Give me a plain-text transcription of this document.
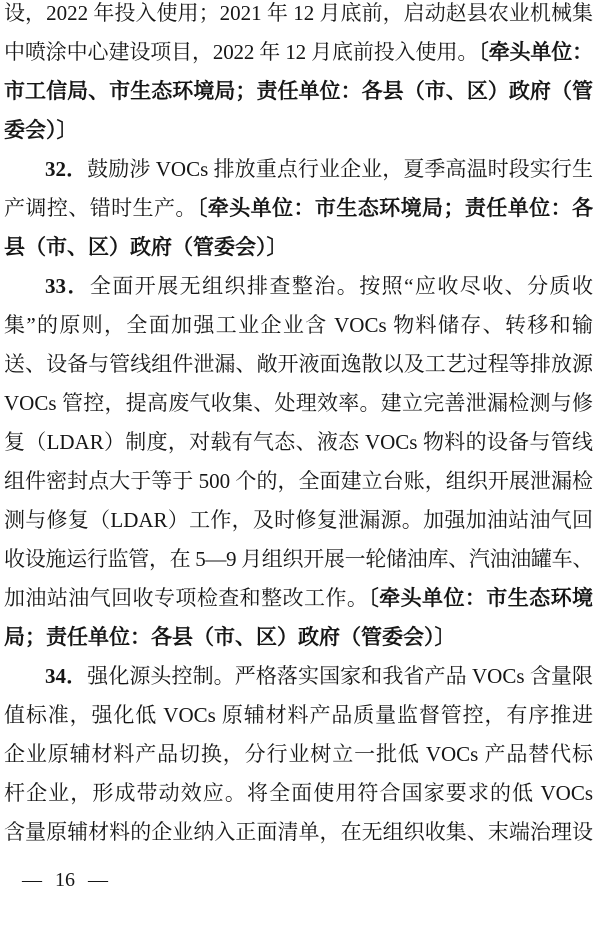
设，2022 年投入使用；2021 年 12 月底前，启动赵县农业机械集
中喷涂中心建设项目，2022 年 12 月底前投入使用。〔牵头单位：
市工信局、市生态环境局；责任单位：各县（市、区）政府（管
委会）〕
32．鼓励涉 VOCs 排放重点行业企业，夏季高温时段实行生
产调控、错时生产。〔牵头单位：市生态环境局；责任单位：各
县（市、区）政府（管委会）〕
33．全面开展无组织排查整治。按照“应收尽收、分质收
集”的原则，全面加强工业企业含 VOCs 物料储存、转移和输
送、设备与管线组件泄漏、敞开液面逸散以及工艺过程等排放源
VOCs 管控，提高废气收集、处理效率。建立完善泄漏检测与修
复（LDAR）制度，对载有气态、液态 VOCs 物料的设备与管线
组件密封点大于等于 500 个的，全面建立台账，组织开展泄漏检
测与修复（LDAR）工作，及时修复泄漏源。加强加油站油气回
收设施运行监管，在 5—9 月组织开展一轮储油库、汽油油罐车、
加油站油气回收专项检查和整改工作。〔牵头单位：市生态环境
局；责任单位：各县（市、区）政府（管委会）〕
34．强化源头控制。严格落实国家和我省产品 VOCs 含量限
值标准，强化低 VOCs 原辅材料产品质量监督管控，有序推进
企业原辅材料产品切换，分行业树立一批低 VOCs 产品替代标
杆企业，形成带动效应。将全面使用符合国家要求的低 VOCs
含量原辅材料的企业纳入正面清单，在无组织收集、末端治理设
— 16 —
